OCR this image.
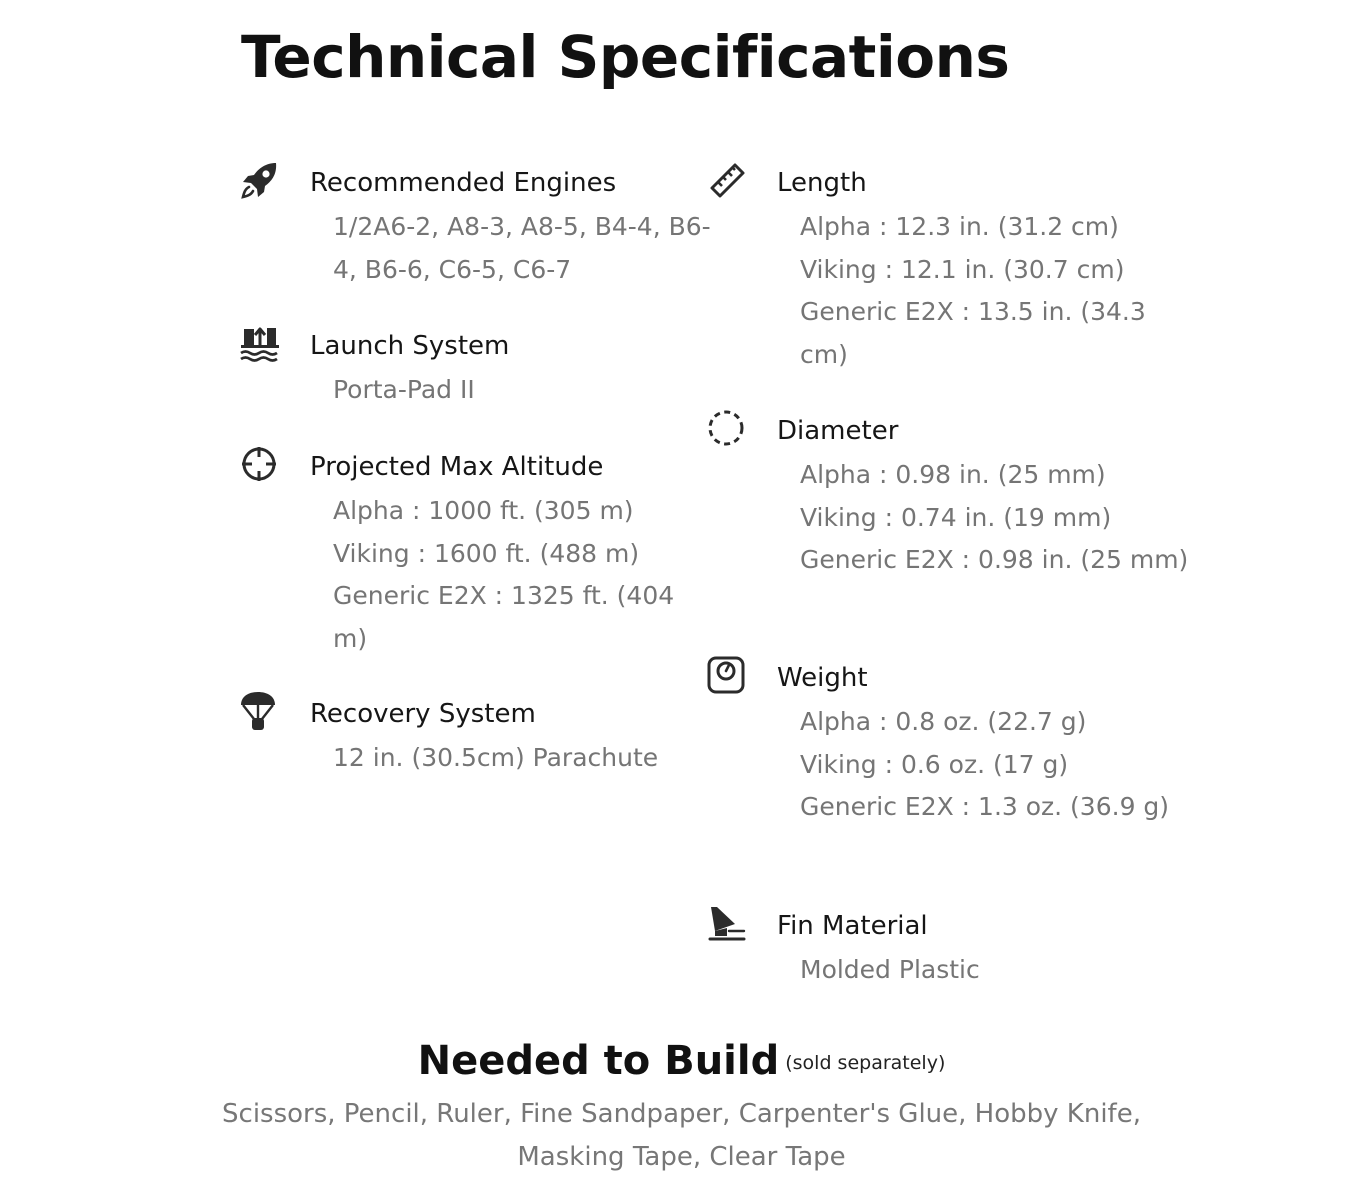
Technical Specifications
Recommended Engines
1/2A6-2, A8-3, A8-5, B4-4, B6-4, B6-6, C6-5, C6-7
Launch System
Porta-Pad II
Projected Max Altitude
Alpha : 1000 ft. (305 m)
Viking : 1600 ft. (488 m)
Generic E2X : 1325 ft. (404 m)
Recovery System
12 in. (30.5cm) Parachute
Length
Alpha : 12.3 in. (31.2 cm)
Viking : 12.1 in. (30.7 cm)
Generic E2X : 13.5 in. (34.3 cm)
Diameter
Alpha : 0.98 in. (25 mm)
Viking : 0.74 in. (19 mm)
Generic E2X : 0.98 in. (25 mm)
Weight
Alpha : 0.8 oz. (22.7 g)
Viking : 0.6 oz. (17 g)
Generic E2X : 1.3 oz. (36.9 g)
Fin Material
Molded Plastic
Needed to Build (sold separately)
Scissors, Pencil, Ruler, Fine Sandpaper, Carpenter's Glue, Hobby Knife, Masking Tape, Clear Tape
